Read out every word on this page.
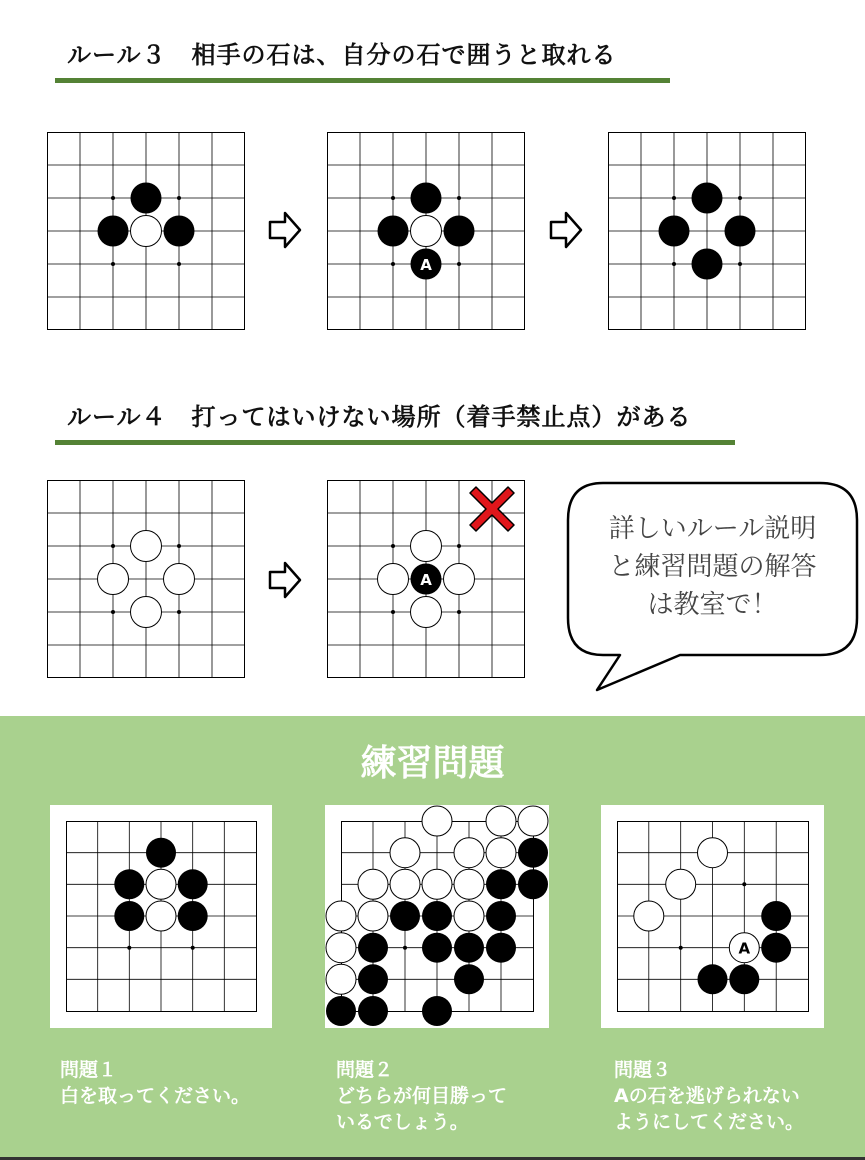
ルール３　相手の石は、自分の石で囲うと取れる
A
ルール４　打ってはいけない場所（着手禁止点）がある
A
詳しいルール説明
と練習問題の解答
は教室で！
練習問題
A
問題１
白を取ってください。
問題２
どちらが何目勝って
いるでしょう。
問題３
Aの石を逃げられない
ようにしてください。
